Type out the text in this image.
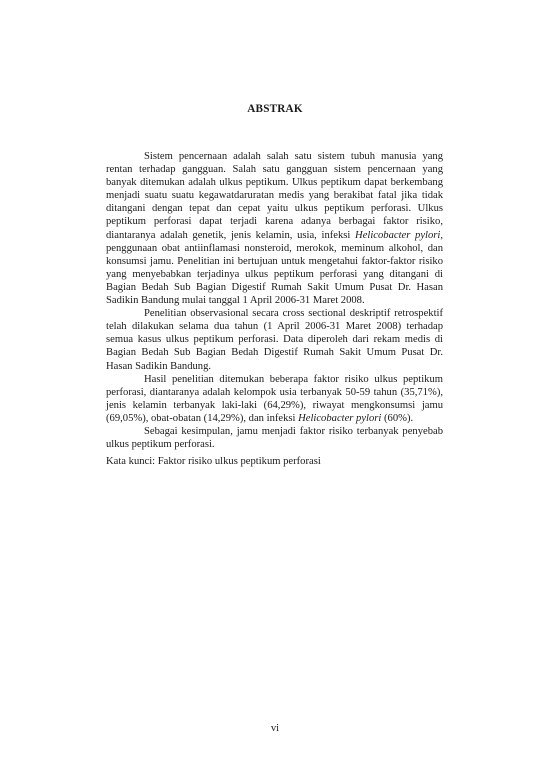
ABSTRAK

Sistem pencernaan adalah salah satu sistem tubuh manusia yang rentan terhadap gangguan. Salah satu gangguan sistem pencernaan yang banyak ditemukan adalah ulkus peptikum. Ulkus peptikum dapat berkembang menjadi suatu suatu kegawatdaruratan medis yang berakibat fatal jika tidak ditangani dengan tepat dan cepat yaitu ulkus peptikum perforasi. Ulkus peptikum perforasi dapat terjadi karena adanya berbagai faktor risiko, diantaranya adalah genetik, jenis kelamin, usia, infeksi Helicobacter pylori, penggunaan obat antiinflamasi nonsteroid, merokok, meminum alkohol, dan konsumsi jamu. Penelitian ini bertujuan untuk mengetahui faktor-faktor risiko yang menyebabkan terjadinya ulkus peptikum perforasi yang ditangani di Bagian Bedah Sub Bagian Digestif Rumah Sakit Umum Pusat Dr. Hasan Sadikin Bandung mulai tanggal 1 April 2006-31 Maret 2008.

Penelitian observasional secara cross sectional deskriptif retrospektif telah dilakukan selama dua tahun (1 April 2006-31 Maret 2008) terhadap semua kasus ulkus peptikum perforasi. Data diperoleh dari rekam medis di Bagian Bedah Sub Bagian Bedah Digestif Rumah Sakit Umum Pusat Dr. Hasan Sadikin Bandung.

Hasil penelitian ditemukan beberapa faktor risiko ulkus peptikum perforasi, diantaranya adalah kelompok usia terbanyak 50-59 tahun (35,71%), jenis kelamin terbanyak laki-laki (64,29%), riwayat mengkonsumsi jamu (69,05%), obat-obatan (14,29%), dan infeksi Helicobacter pylori (60%).

Sebagai kesimpulan, jamu menjadi faktor risiko terbanyak penyebab ulkus peptikum perforasi.

Kata kunci: Faktor risiko ulkus peptikum perforasi
vi
